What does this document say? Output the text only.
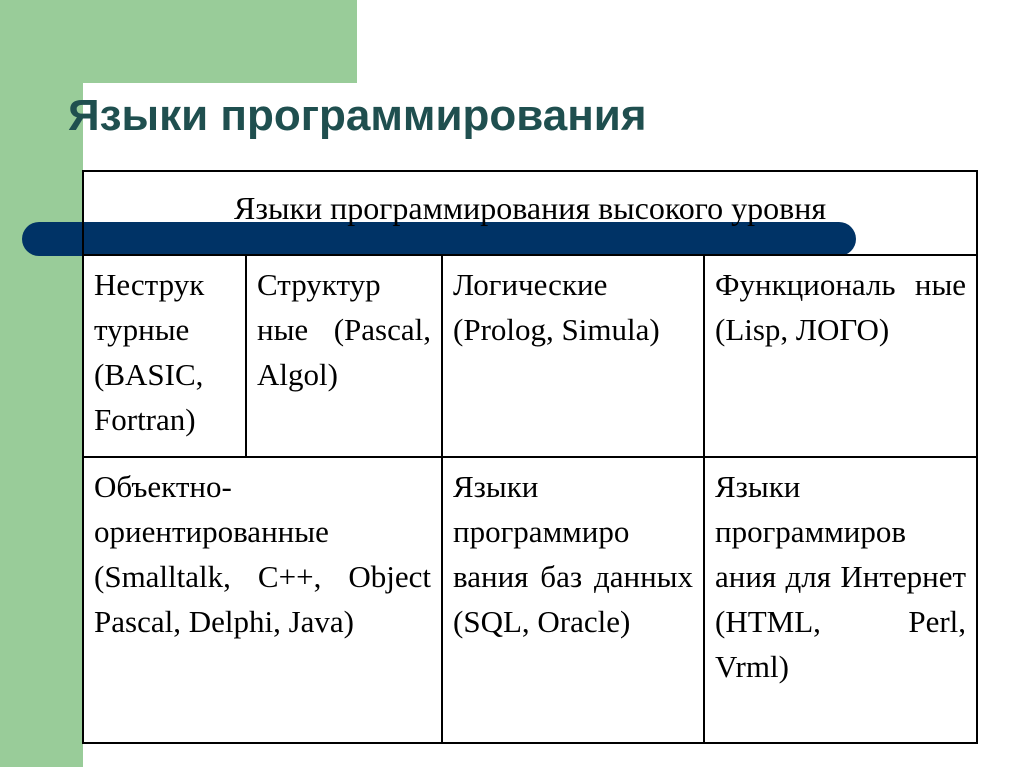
Языки программирования
Языки программирования высокого уровня			

Неструк турные (BASIC, Fortran)	Структур ные (Pascal, Algol)	Логические (Prolog, Simula)	Функциональ ные (Lisp, ЛОГО)

Объектно-ориентированные (Smalltalk, C++, Object Pascal, Delphi, Java)		Языки программиро вания баз данных (SQL, Oracle)	Языки программиров ания для Интернет (HTML, Perl, Vrml)
